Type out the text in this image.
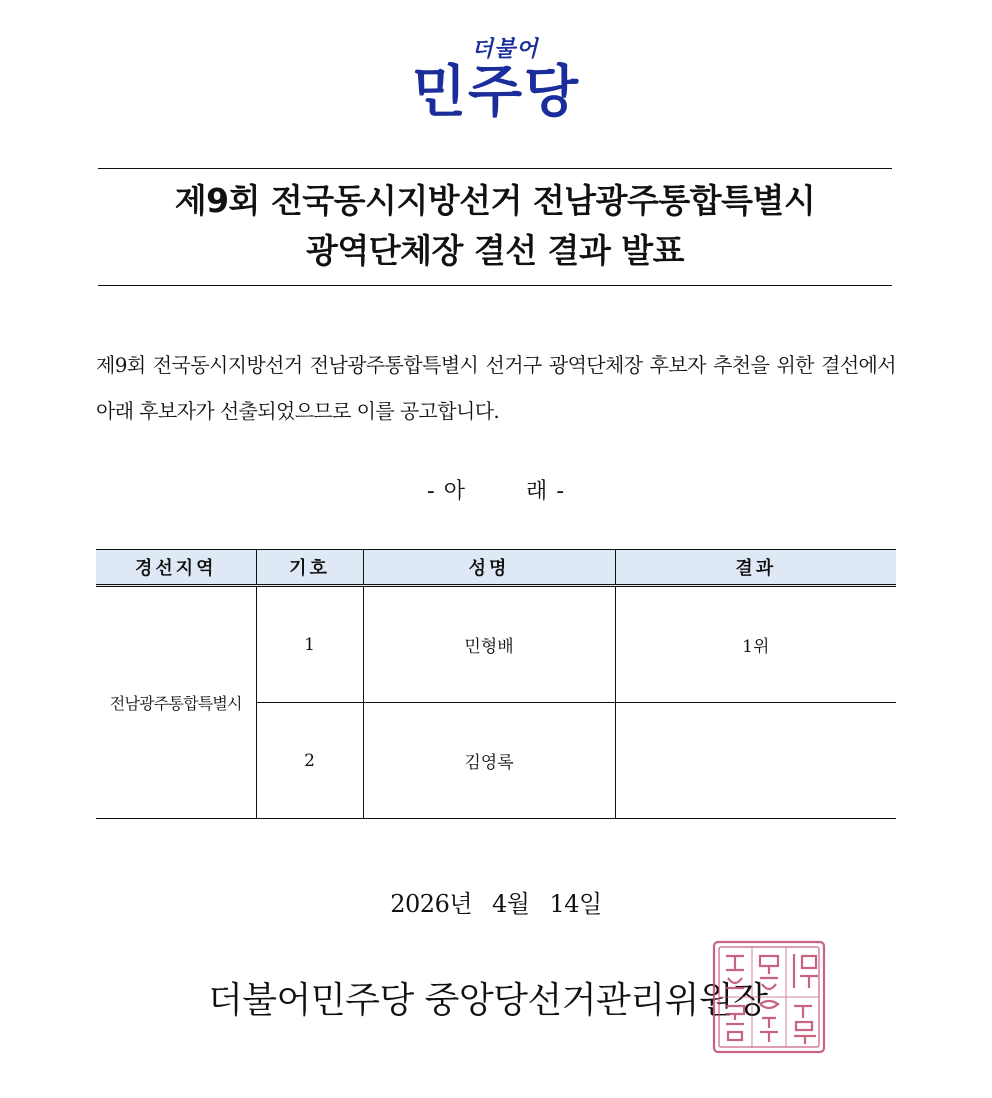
더불어
민주당
제9회 전국동시지방선거 전남광주통합특별시
광역단체장 결선 결과 발표
제9회 전국동시지방선거 전남광주통합특별시 선거구 광역단체장 후보자 추천을 위한 결선에서 아래 후보자가 선출되었으므로 이를 공고합니다.
- 아	래 -
경선지역	기호	성명	결과
전남광주통합특별시	1	민형배	1위
	2	김영록	
2026년 4월 14일
더불어민주당 중앙당선거관리위원장
